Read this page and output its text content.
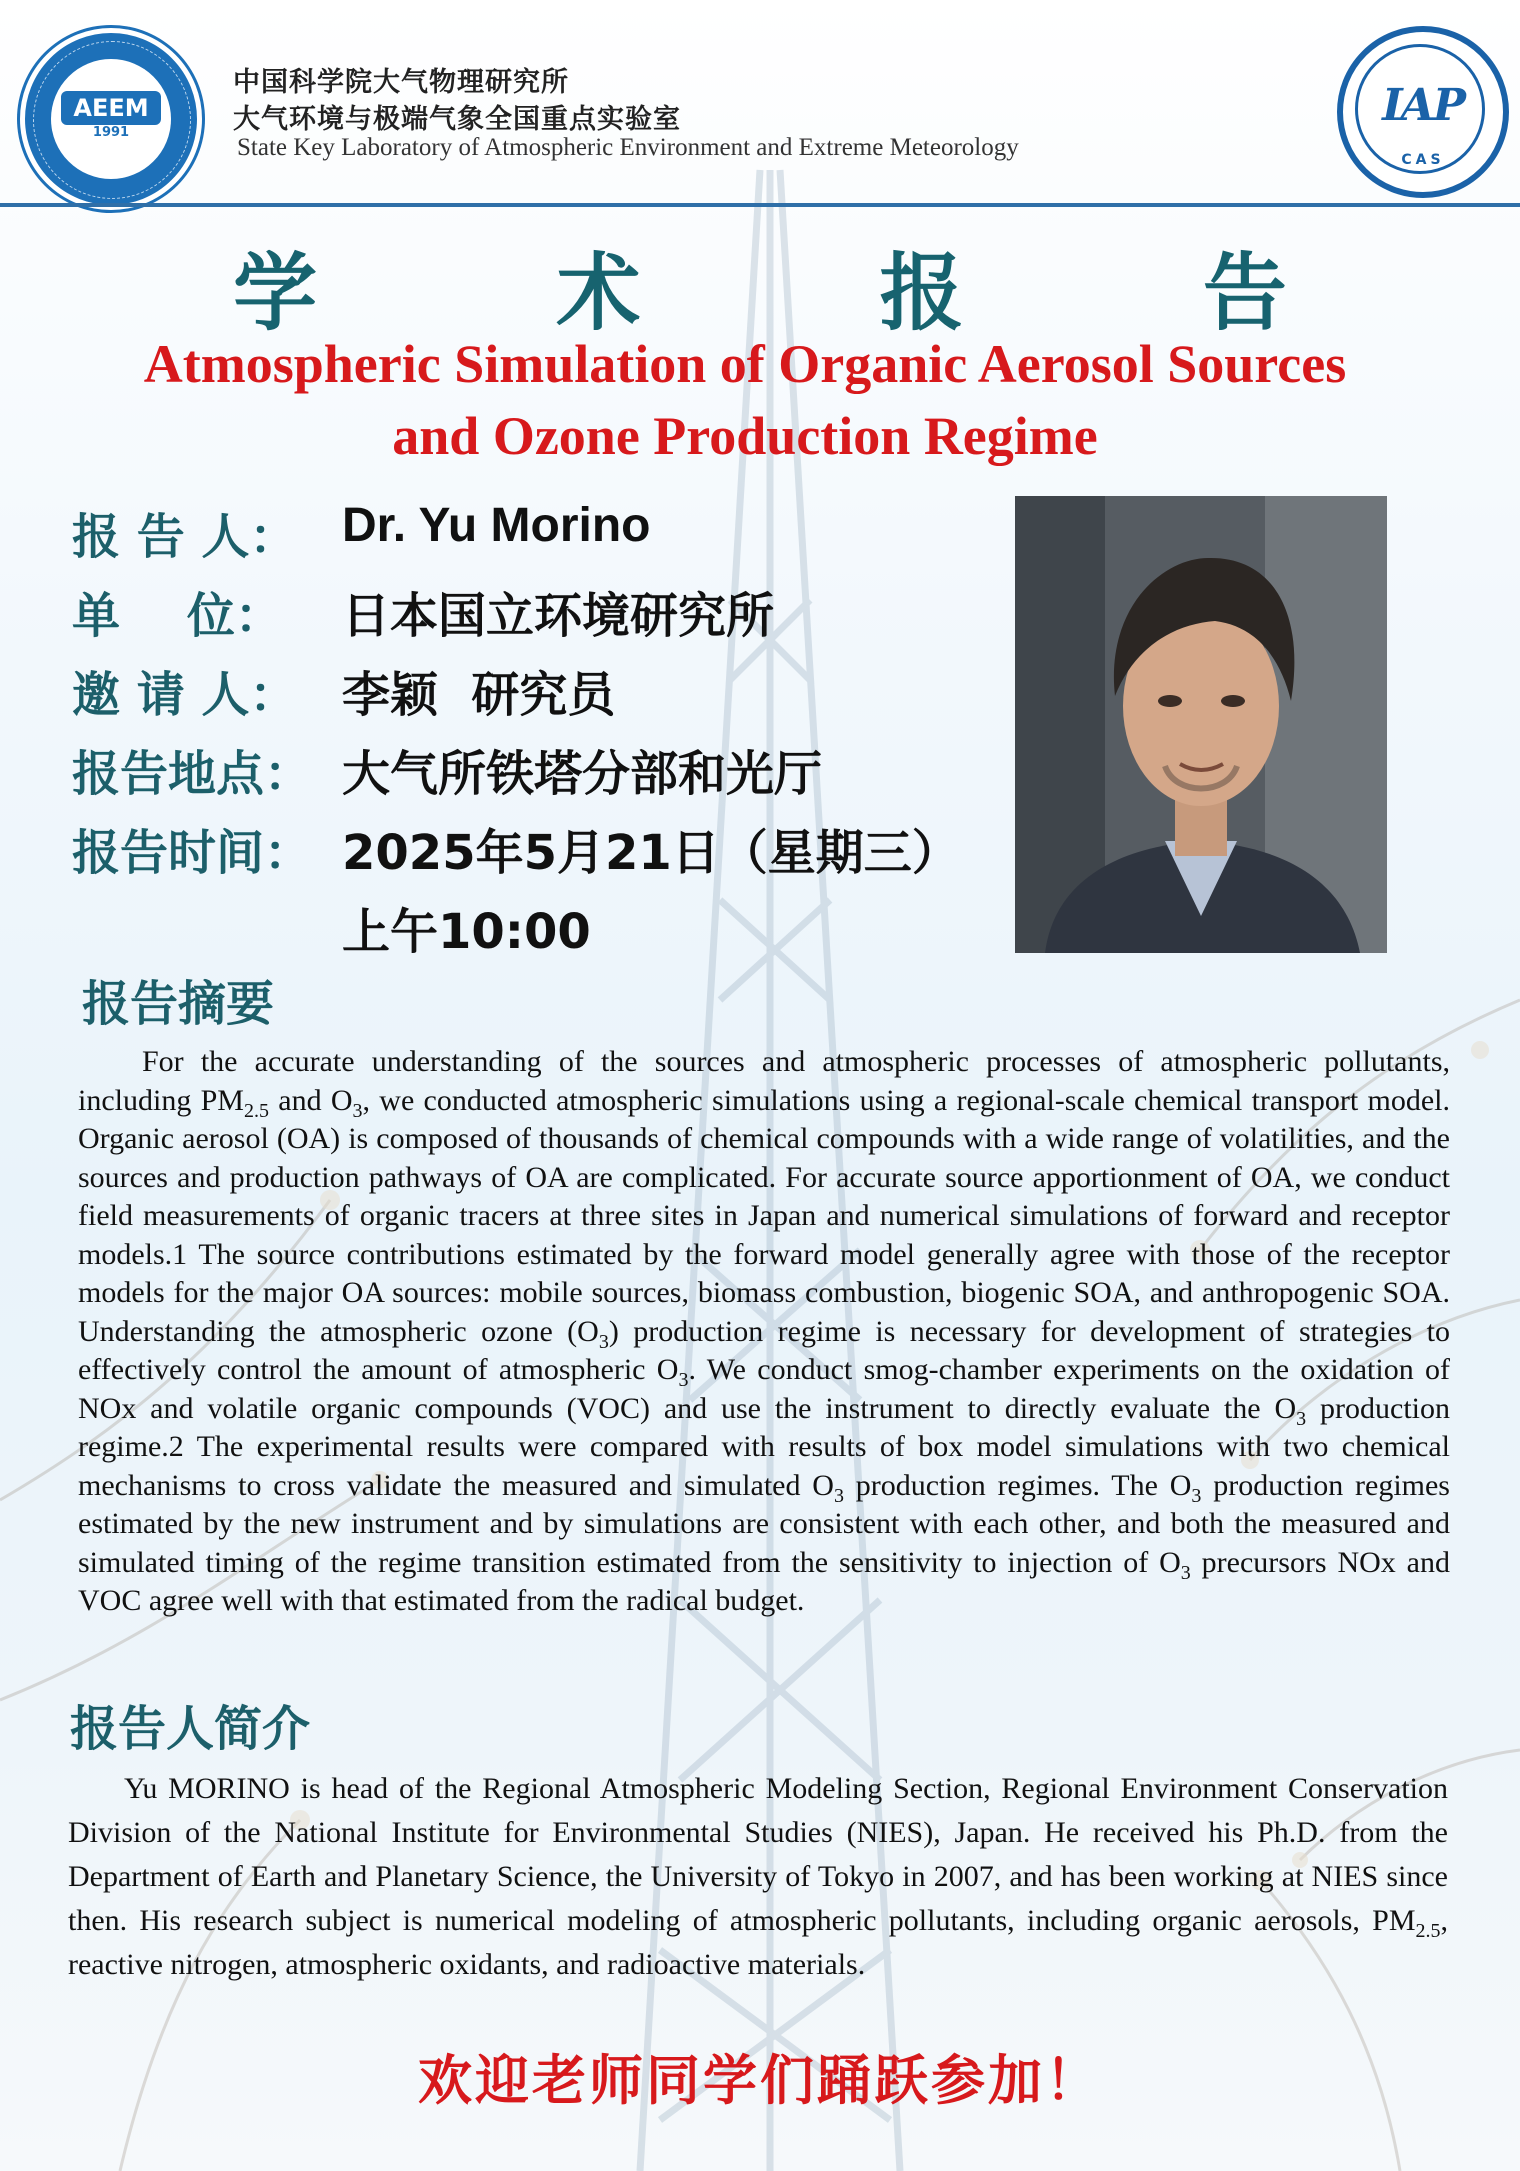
AEEM
1991
中国科学院大气物理研究所
大气环境与极端气象全国重点实验室
State Key Laboratory of Atmospheric Environment and Extreme Meteorology
IAP
CAS
学 术 报 告
Atmospheric Simulation of Organic Aerosol Sources
and Ozone Production Regime
报 告 人： Dr. Yu Morino
单    位： 日本国立环境研究所
邀 请 人： 李颖  研究员
报告地点： 大气所铁塔分部和光厅
报告时间： 2025年5月21日（星期三）
上午10:00
报告摘要

For the accurate understanding of the sources and atmospheric processes of atmospheric pollutants, including $PM_{2.5}$ and $O_3$, we conducted atmospheric simulations using a regional-scale chemical transport model. Organic aerosol (OA) is composed of thousands of chemical compounds with a wide range of volatilities, and the sources and production pathways of OA are complicated. For accurate source apportionment of OA, we conduct field measurements of organic tracers at three sites in Japan and numerical simulations of forward and receptor models.1 The source contributions estimated by the forward model generally agree with those of the receptor models for the major OA sources: mobile sources, biomass combustion, biogenic SOA, and anthropogenic SOA. Understanding the atmospheric ozone $(O_3)$ production regime is necessary for development of strategies to effectively control the amount of atmospheric $O_3$. We conduct smog-chamber experiments on the oxidation of NOx and volatile organic compounds (VOC) and use the instrument to directly evaluate the $O_3$ production regime.2 The experimental results were compared with results of box model simulations with two chemical mechanisms to cross validate the measured and simulated $O_3$ production regimes. The $O_3$ production regimes estimated by the new instrument and by simulations are consistent with each other, and both the measured and simulated timing of the regime transition estimated from the sensitivity to injection of $O_3$ precursors NOx and VOC agree well with that estimated from the radical budget.

报告人简介

Yu MORINO is head of the Regional Atmospheric Modeling Section, Regional Environment Conservation Division of the National Institute for Environmental Studies (NIES), Japan. He received his Ph.D. from the Department of Earth and Planetary Science, the University of Tokyo in 2007, and has been working at NIES since then. His research subject is numerical modeling of atmospheric pollutants, including organic aerosols, $PM_{2.5}$, reactive nitrogen, atmospheric oxidants, and radioactive materials.

欢迎老师同学们踊跃参加！
